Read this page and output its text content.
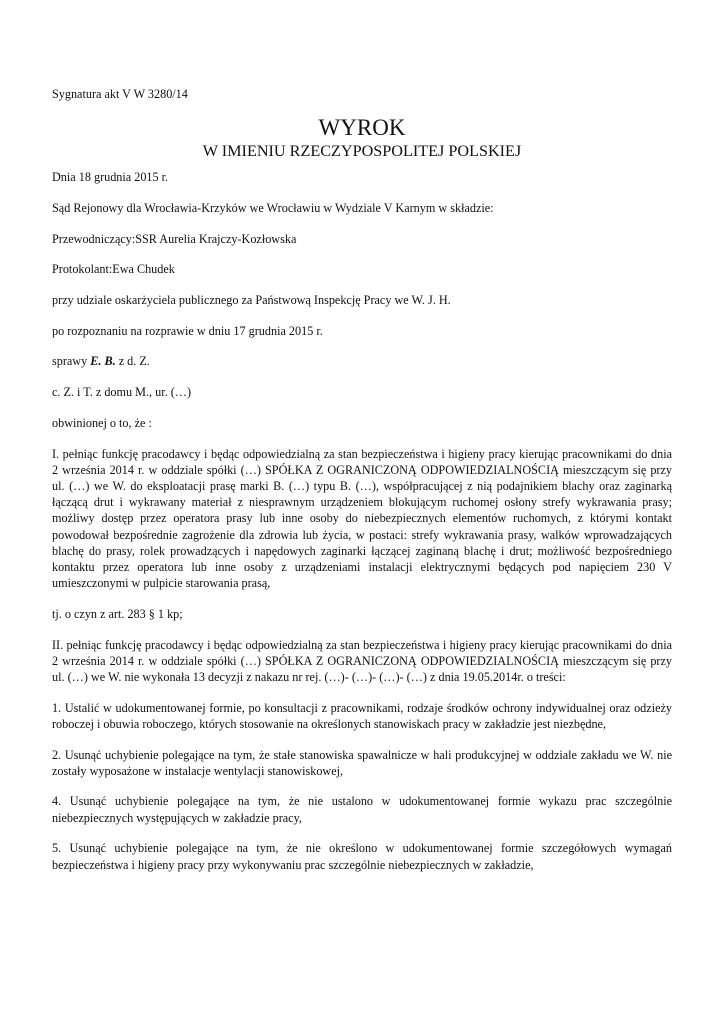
Sygnatura akt V W 3280/14

WYROK
W IMIENIU RZECZYPOSPOLITEJ POLSKIEJ

Dnia 18 grudnia 2015 r.

Sąd Rejonowy dla Wrocławia-Krzyków we Wrocławiu w Wydziale V Karnym w składzie:

Przewodniczący:SSR Aurelia Krajczy-Kozłowska

Protokolant:Ewa Chudek

przy udziale oskarżyciela publicznego za Państwową Inspekcję Pracy we W. J. H.

po rozpoznaniu na rozprawie w dniu 17 grudnia 2015 r.

sprawy E. B. z d. Z.

c. Z. i T. z domu M., ur. (…)

obwinionej o to, że :

I. pełniąc funkcję pracodawcy i będąc odpowiedzialną za stan bezpieczeństwa i higieny pracy kierując pracownikami do dnia 2 września 2014 r. w oddziale spółki (…) SPÓŁKA Z OGRANICZONĄ ODPOWIEDZIALNOŚCIĄ mieszczącym się przy ul. (…) we W. do eksploatacji prasę marki B. (…) typu B. (…), współpracującej z nią podajnikiem blachy oraz zaginarką łączącą drut i wykrawany materiał z niesprawnym urządzeniem blokującym ruchomej osłony strefy wykrawania prasy; możliwy dostęp przez operatora prasy lub inne osoby do niebezpiecznych elementów ruchomych, z którymi kontakt powodował bezpośrednie zagrożenie dla zdrowia lub życia, w postaci: strefy wykrawania prasy, walków wprowadzających blachę do prasy, rolek prowadzących i napędowych zaginarki łączącej zaginaną blachę i drut; możliwość bezpośredniego kontaktu przez operatora lub inne osoby z urządzeniami instalacji elektrycznymi będących pod napięciem 230 V umieszczonymi w pulpicie starowania prasą,

tj. o czyn z art. 283 § 1 kp;

II. pełniąc funkcję pracodawcy i będąc odpowiedzialną za stan bezpieczeństwa i higieny pracy kierując pracownikami do dnia 2 września 2014 r. w oddziale spółki (…) SPÓŁKA Z OGRANICZONĄ ODPOWIEDZIALNOŚCIĄ mieszczącym się przy ul. (…) we W. nie wykonała 13 decyzji z nakazu nr rej. (…)- (…)- (…)- (…) z dnia 19.05.2014r. o treści:

1. Ustalić w udokumentowanej formie, po konsultacji z pracownikami, rodzaje środków ochrony indywidualnej oraz odzieży roboczej i obuwia roboczego, których stosowanie na określonych stanowiskach pracy w zakładzie jest niezbędne,

2. Usunąć uchybienie polegające na tym, że stałe stanowiska spawalnicze w hali produkcyjnej w oddziale zakładu we W. nie zostały wyposażone w instalacje wentylacji stanowiskowej,

4. Usunąć uchybienie polegające na tym, że nie ustalono w udokumentowanej formie wykazu prac szczególnie niebezpiecznych występujących w zakładzie pracy,

5. Usunąć uchybienie polegające na tym, że nie określono w udokumentowanej formie szczegółowych wymagań bezpieczeństwa i higieny pracy przy wykonywaniu prac szczególnie niebezpiecznych w zakładzie,
